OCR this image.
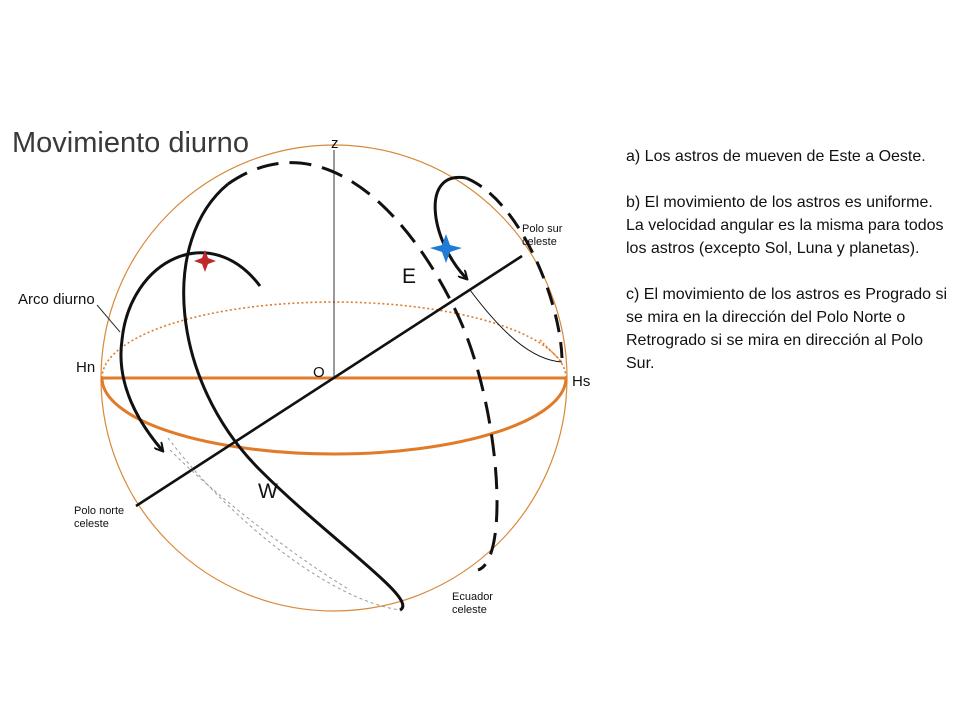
Movimiento diurno	z
O
Hn
Hs
E
W
Arco diurno
Polo sur
celeste
Polo norte
celeste
Ecuador
celeste

a) Los astros de mueven de Este a Oeste.

b) El movimiento de los astros es uniforme. La velocidad angular es la misma para todos los astros (excepto Sol, Luna y planetas).

c) El movimiento de los astros es Progrado si se mira en la dirección del Polo Norte o Retrogrado si se mira en dirección al Polo Sur.
